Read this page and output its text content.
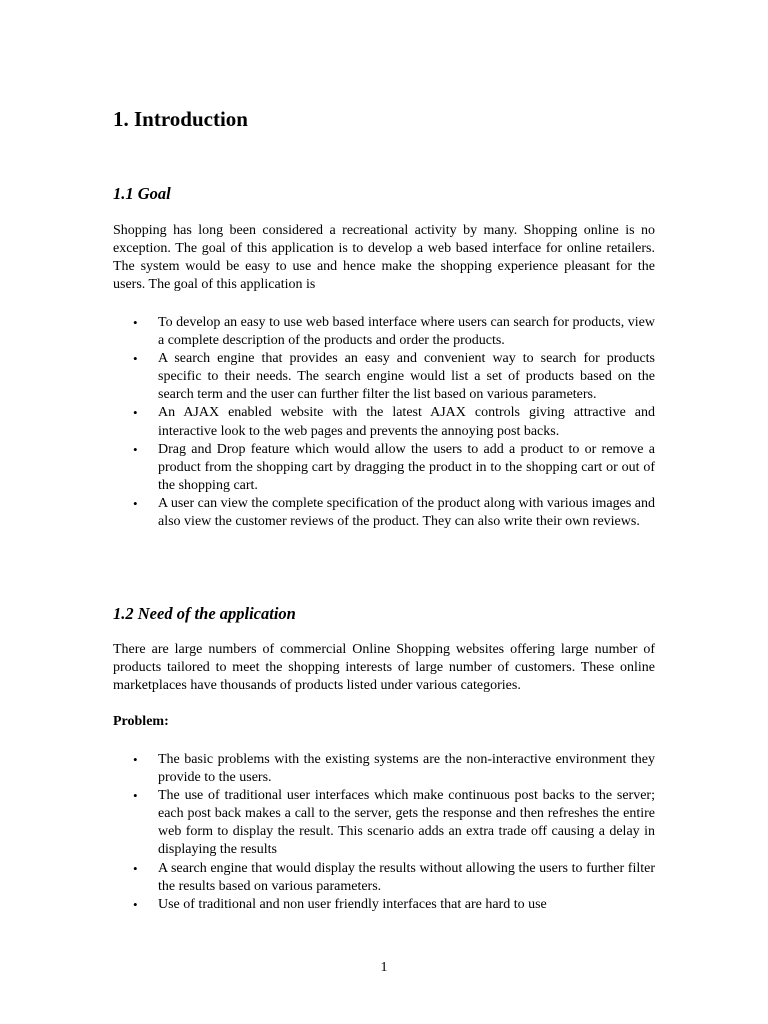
1. Introduction
1.1 Goal

Shopping has long been considered a recreational activity by many. Shopping online is no exception. The goal of this application is to develop a web based interface for online retailers. The system would be easy to use and hence make the shopping experience pleasant for the users. The goal of this application is

• To develop an easy to use web based interface where users can search for products, view a complete description of the products and order the products.
• A search engine that provides an easy and convenient way to search for products specific to their needs. The search engine would list a set of products based on the search term and the user can further filter the list based on various parameters.
• An AJAX enabled website with the latest AJAX controls giving attractive and interactive look to the web pages and prevents the annoying post backs.
• Drag and Drop feature which would allow the users to add a product to or remove a product from the shopping cart by dragging the product in to the shopping cart or out of the shopping cart.
• A user can view the complete specification of the product along with various images and also view the customer reviews of the product. They can also write their own reviews.
1.2 Need of the application

There are large numbers of commercial Online Shopping websites offering large number of products tailored to meet the shopping interests of large number of customers. These online marketplaces have thousands of products listed under various categories.

Problem:
• The basic problems with the existing systems are the non-interactive environment they provide to the users.
• The use of traditional user interfaces which make continuous post backs to the server; each post back makes a call to the server, gets the response and then refreshes the entire web form to display the result. This scenario adds an extra trade off causing a delay in displaying the results
• A search engine that would display the results without allowing the users to further filter the results based on various parameters.
• Use of traditional and non user friendly interfaces that are hard to use
1
